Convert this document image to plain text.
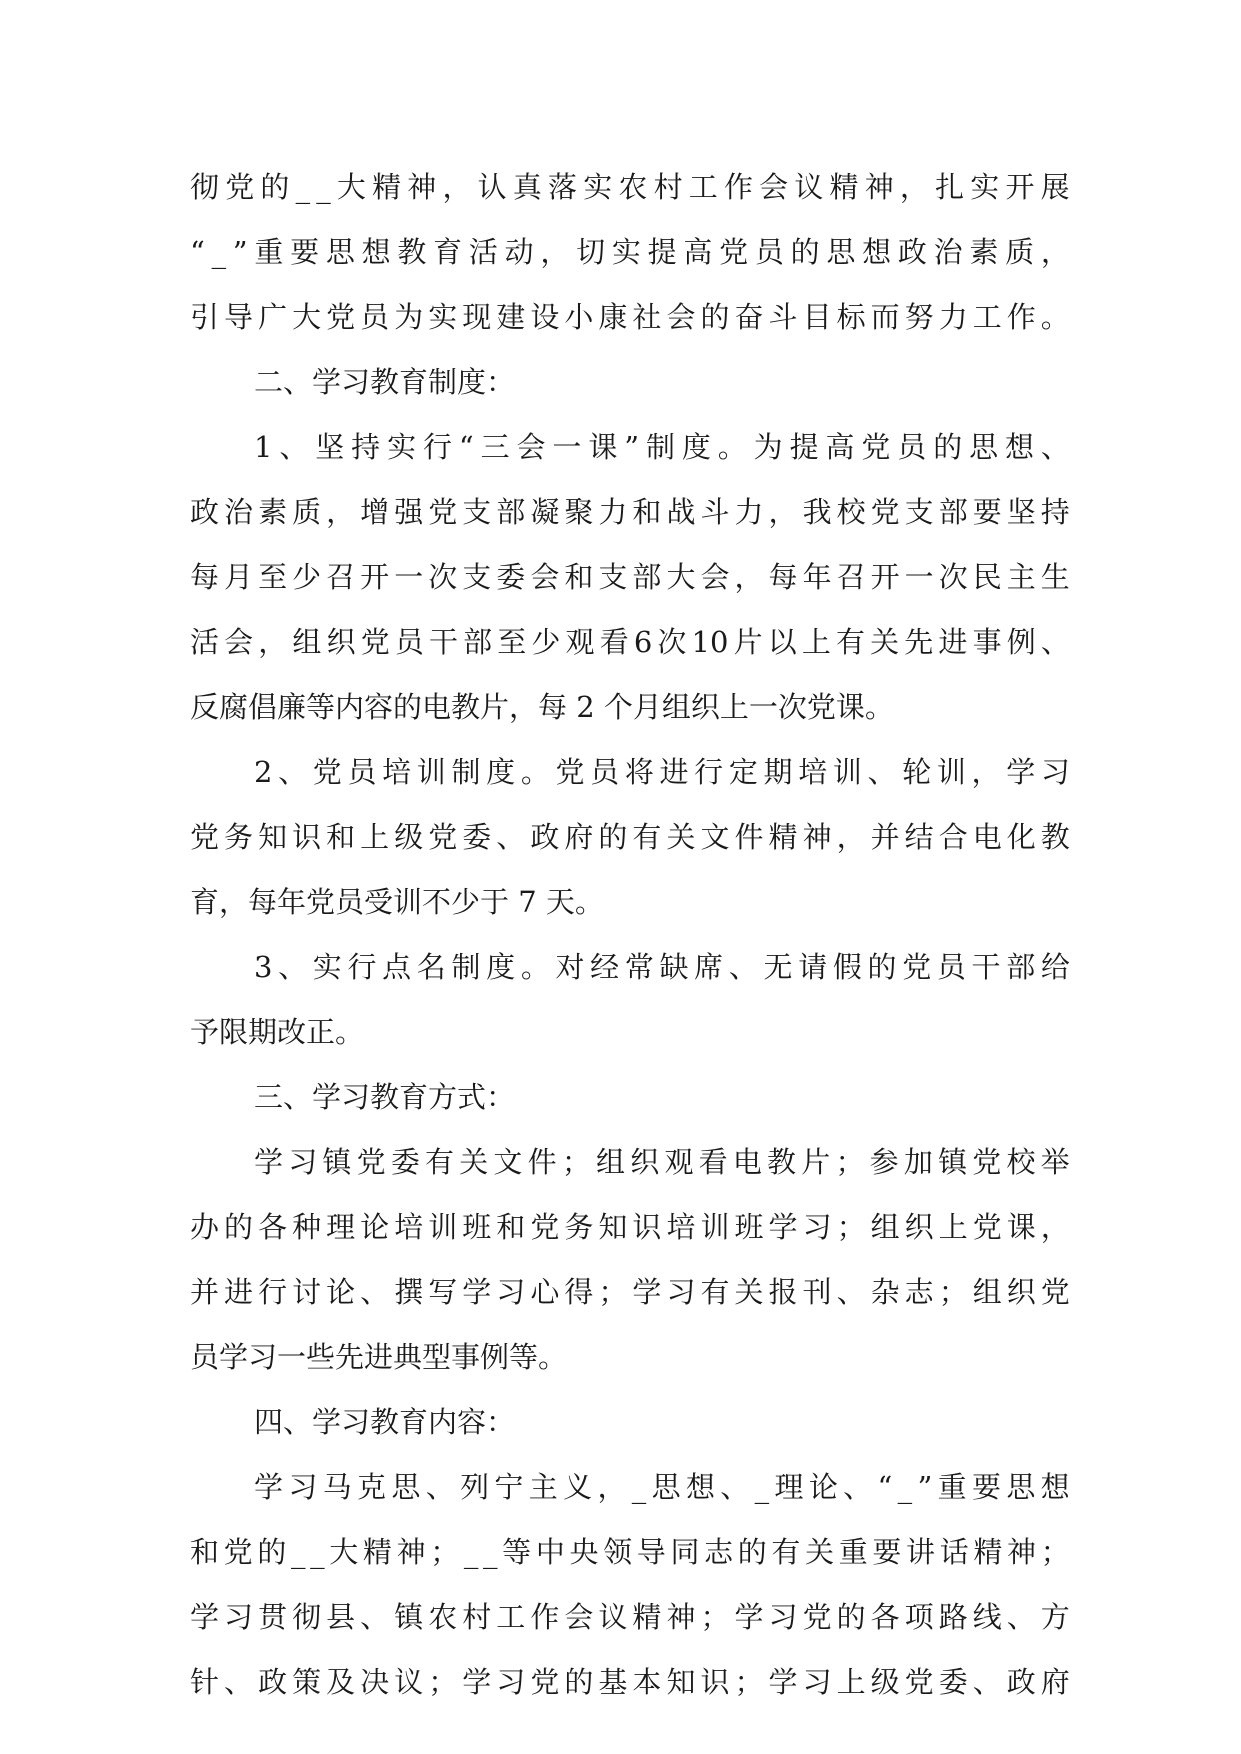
彻 党 的 _ _ 大 精 神 ， 认 真 落 实 农 村 工 作 会 议 精 神 ， 扎 实 开 展
“ _ ” 重 要 思 想 教 育 活 动 ， 切 实 提 高 党 员 的 思 想 政 治 素 质 ，
引 导 广 大 党 员 为 实 现 建 设 小 康 社 会 的 奋 斗 目 标 而 努 力 工 作 。
二、学习教育制度：
1 、 坚 持 实 行 “ 三 会 一 课 ” 制 度 。 为 提 高 党 员 的 思 想 、
政 治 素 质 ， 增 强 党 支 部 凝 聚 力 和 战 斗 力 ， 我 校 党 支 部 要 坚 持
每 月 至 少 召 开 一 次 支 委 会 和 支 部 大 会 ， 每 年 召 开 一 次 民 主 生
活 会 ， 组 织 党 员 干 部 至 少 观 看 6 次 10 片 以 上 有 关 先 进 事 例 、
反腐倡廉等内容的电教片，每 2 个月组织上一次党课。
2 、 党 员 培 训 制 度 。 党 员 将 进 行 定 期 培 训 、 轮 训 ， 学 习
党 务 知 识 和 上 级 党 委 、 政 府 的 有 关 文 件 精 神 ， 并 结 合 电 化 教
育，每年党员受训不少于 7 天。
3 、 实 行 点 名 制 度 。 对 经 常 缺 席 、 无 请 假 的 党 员 干 部 给
予限期改正。
三、学习教育方式：
学 习 镇 党 委 有 关 文 件 ； 组 织 观 看 电 教 片 ； 参 加 镇 党 校 举
办 的 各 种 理 论 培 训 班 和 党 务 知 识 培 训 班 学 习 ； 组 织 上 党 课 ，
并 进 行 讨 论 、 撰 写 学 习 心 得 ； 学 习 有 关 报 刊 、 杂 志 ； 组 织 党
员学习一些先进典型事例等。
四、学习教育内容：
学 习 马 克 思 、 列 宁 主 义 ， _ 思 想 、 _ 理 论 、 “ _ ” 重 要 思 想
和 党 的 _ _ 大 精 神 ； _ _ 等 中 央 领 导 同 志 的 有 关 重 要 讲 话 精 神 ；
学 习 贯 彻 县 、 镇 农 村 工 作 会 议 精 神 ； 学 习 党 的 各 项 路 线 、 方
针 、 政 策 及 决 议 ； 学 习 党 的 基 本 知 识 ； 学 习 上 级 党 委 、 政 府
